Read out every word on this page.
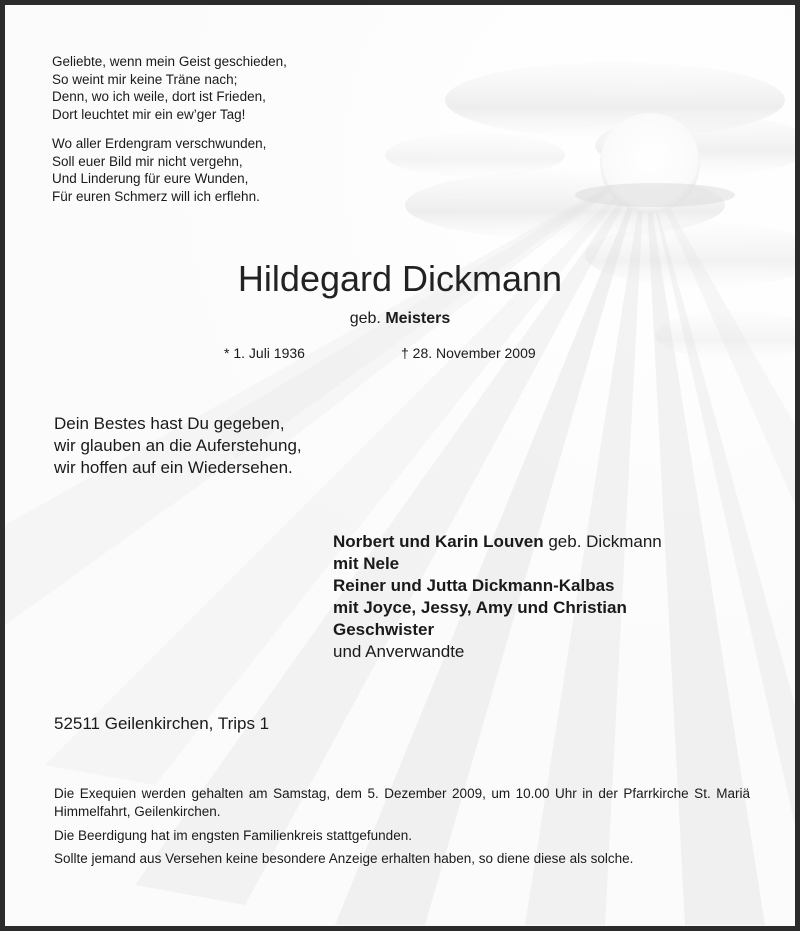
Geliebte, wenn mein Geist geschieden,
So weint mir keine Träne nach;
Denn, wo ich weile, dort ist Frieden,
Dort leuchtet mir ein ew’ger Tag!
Wo aller Erdengram verschwunden,
Soll euer Bild mir nicht vergehn,
Und Linderung für eure Wunden,
Für euren Schmerz will ich erflehn.
Hildegard Dickmann
geb. Meisters
* 1. Juli 1936	† 28. November 2009
Dein Bestes hast Du gegeben,
wir glauben an die Auferstehung,
wir hoffen auf ein Wiedersehen.
Norbert und Karin Louven geb. Dickmann
mit Nele
Reiner und Jutta Dickmann-Kalbas
mit Joyce, Jessy, Amy und Christian
Geschwister
und Anverwandte
52511 Geilenkirchen, Trips 1
Die Exequien werden gehalten am Samstag, dem 5. Dezember 2009, um 10.00 Uhr in der Pfarrkirche St. Mariä Himmelfahrt, Geilenkirchen.
Die Beerdigung hat im engsten Familienkreis stattgefunden.
Sollte jemand aus Versehen keine besondere Anzeige erhalten haben, so diene diese als solche.
